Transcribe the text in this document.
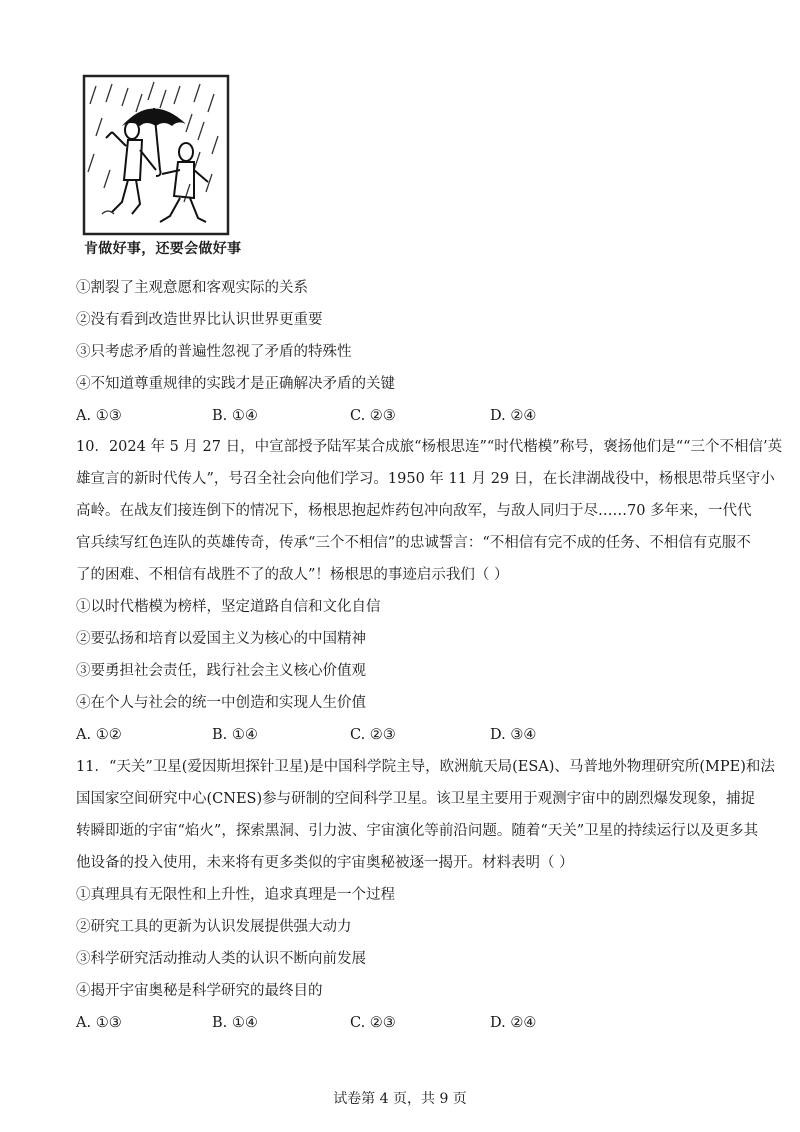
肯做好事，还要会做好事
①割裂了主观意愿和客观实际的关系
②没有看到改造世界比认识世界更重要
③只考虑矛盾的普遍性忽视了矛盾的特殊性
④不知道尊重规律的实践才是正确解决矛盾的关键
A. ①③	B. ①④	C. ②③	D. ②④
10．2024 年 5 月 27 日，中宣部授予陆军某合成旅“杨根思连”“时代楷模”称号，褒扬他们是““三个不相信’英
雄宣言的新时代传人”，号召全社会向他们学习。1950 年 11 月 29 日，在长津湖战役中，杨根思带兵坚守小
高岭。在战友们接连倒下的情况下，杨根思抱起炸药包冲向敌军，与敌人同归于尽……70 多年来，一代代
官兵续写红色连队的英雄传奇，传承“三个不相信”的忠诚誓言：“不相信有完不成的任务、不相信有克服不
了的困难、不相信有战胜不了的敌人”！杨根思的事迹启示我们（ ）
①以时代楷模为榜样，坚定道路自信和文化自信
②要弘扬和培育以爱国主义为核心的中国精神
③要勇担社会责任，践行社会主义核心价值观
④在个人与社会的统一中创造和实现人生价值
A. ①②	B. ①④	C. ②③	D. ③④
11．“天关”卫星(爱因斯坦探针卫星)是中国科学院主导，欧洲航天局(ESA)、马普地外物理研究所(MPE)和法
国国家空间研究中心(CNES)参与研制的空间科学卫星。该卫星主要用于观测宇宙中的剧烈爆发现象，捕捉
转瞬即逝的宇宙“焰火”，探索黑洞、引力波、宇宙演化等前沿问题。随着“天关”卫星的持续运行以及更多其
他设备的投入使用，未来将有更多类似的宇宙奥秘被逐一揭开。材料表明（ ）
①真理具有无限性和上升性，追求真理是一个过程
②研究工具的更新为认识发展提供强大动力
③科学研究活动推动人类的认识不断向前发展
④揭开宇宙奥秘是科学研究的最终目的
A. ①③	B. ①④	C. ②③	D. ②④
试卷第 4 页，共 9 页
